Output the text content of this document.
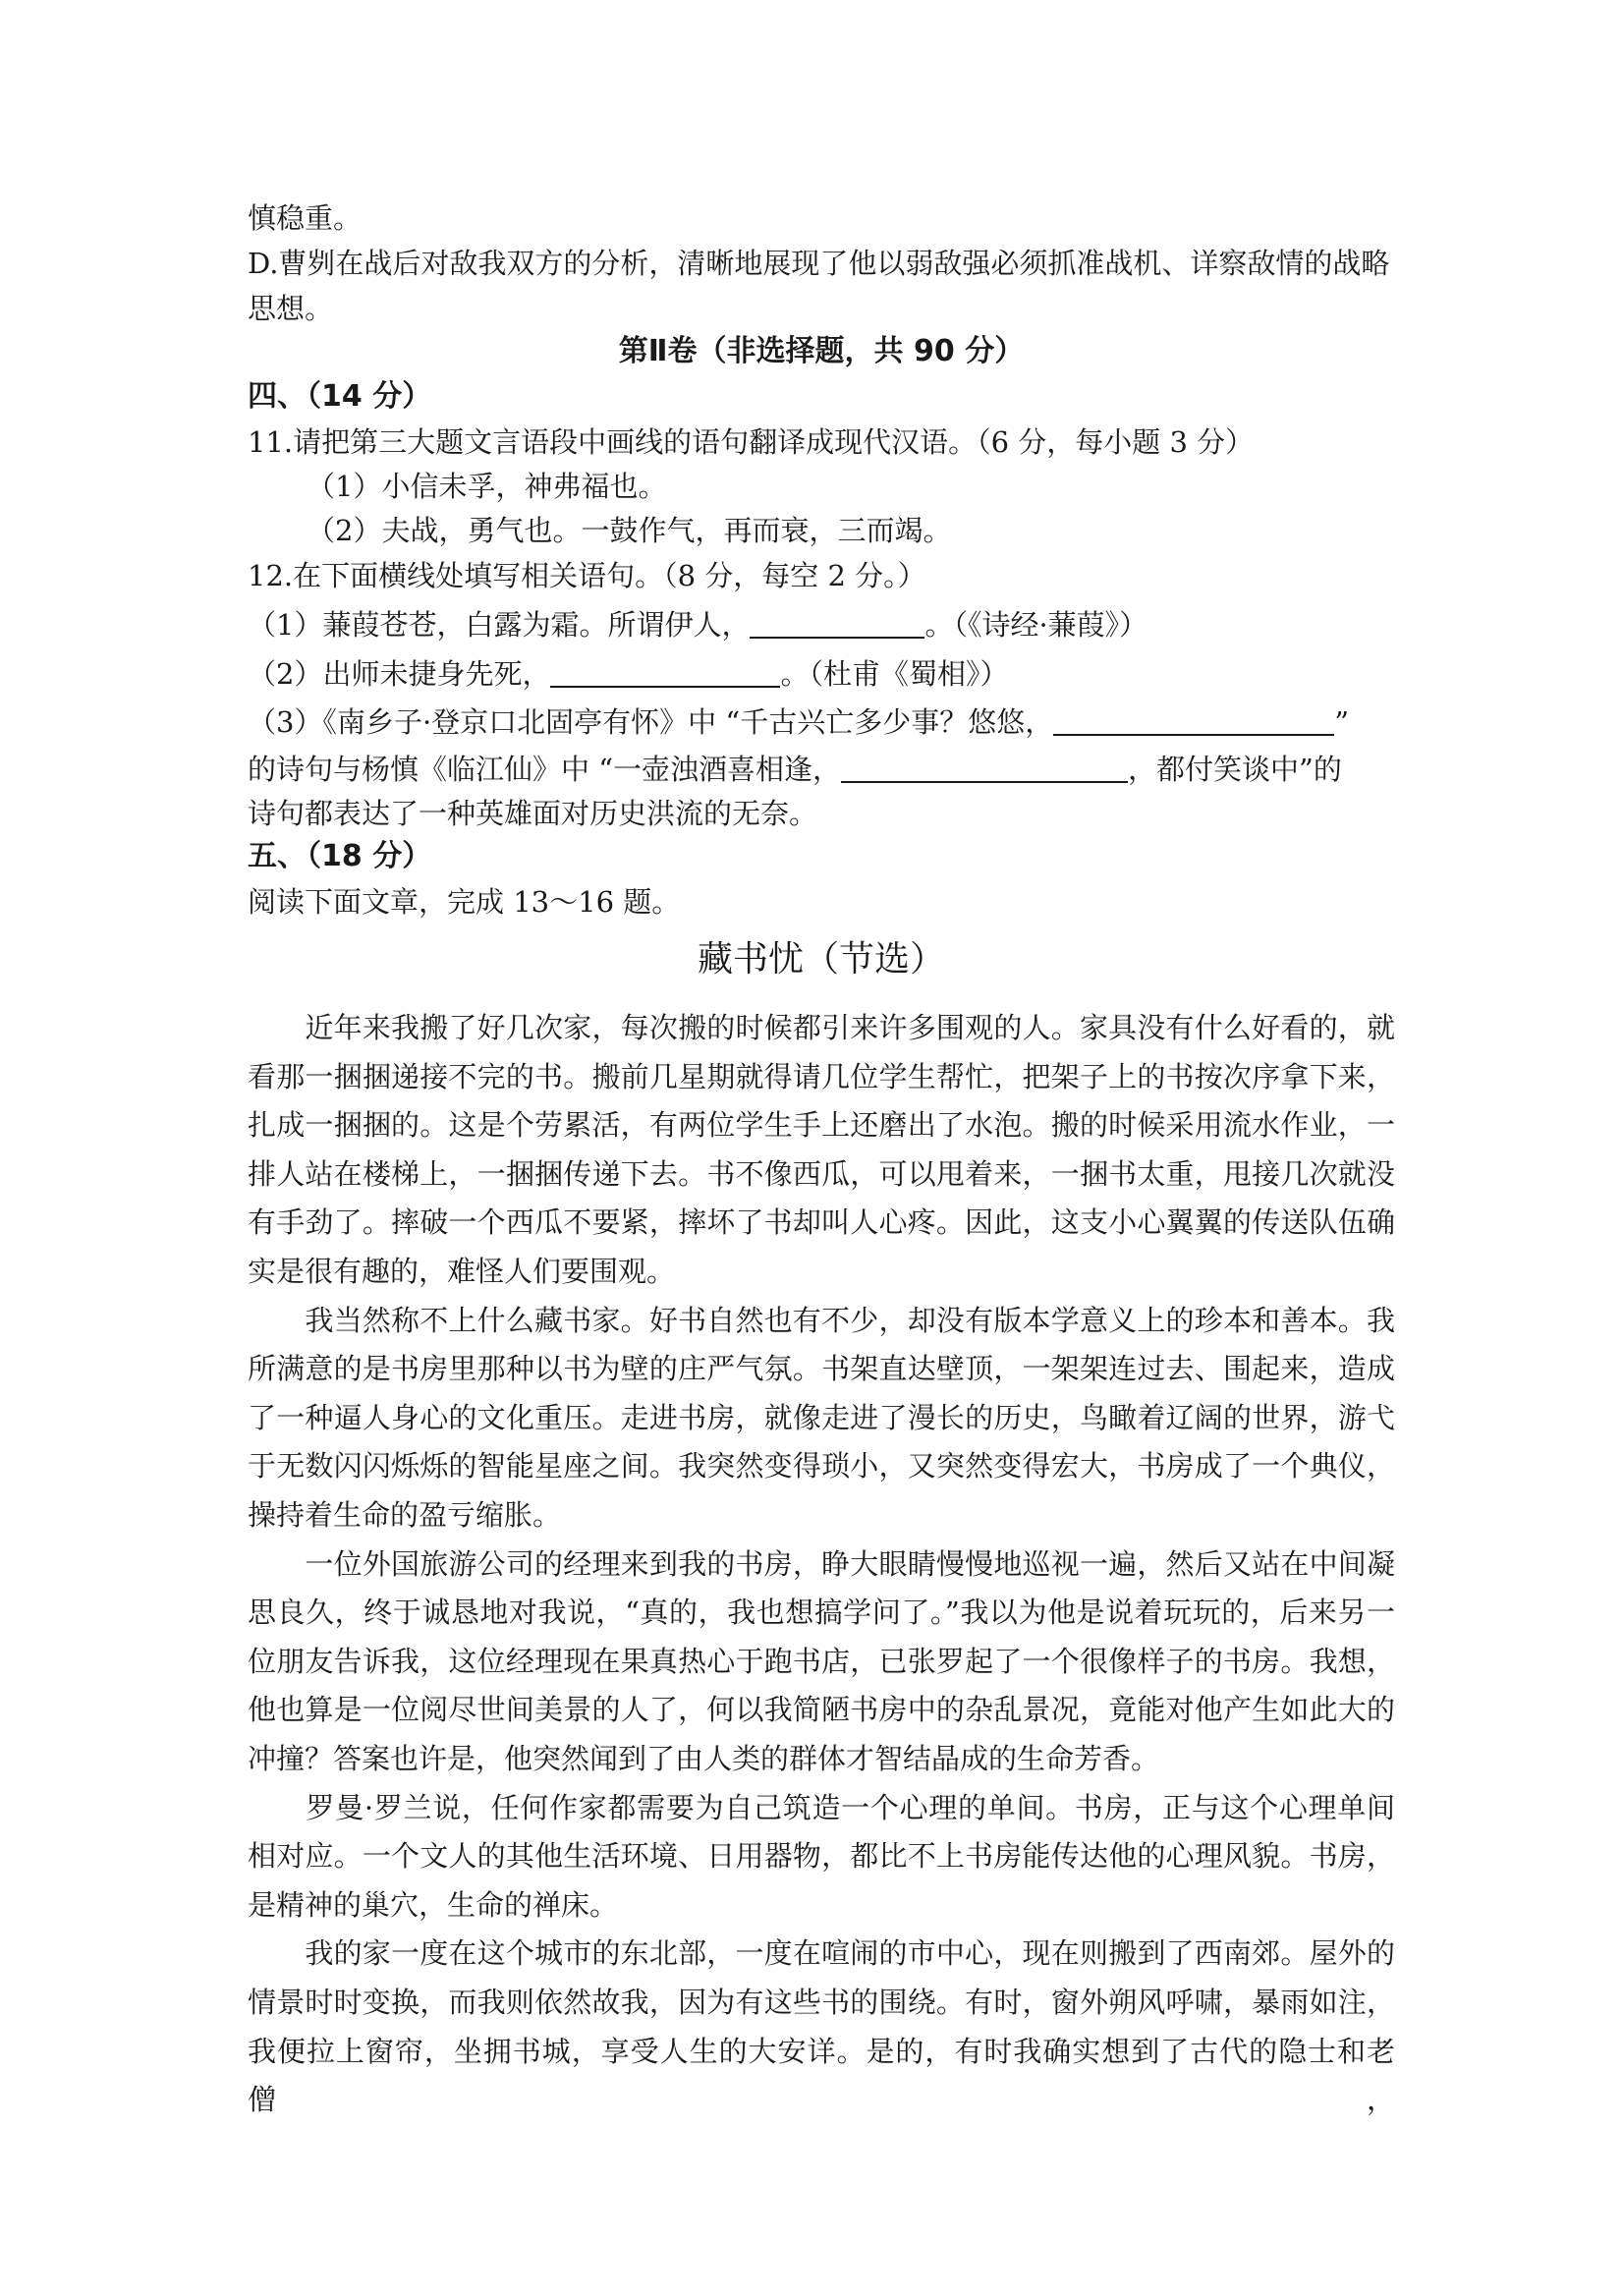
慎稳重。
D.曹刿在战后对敌我双方的分析，清晰地展现了他以弱敌强必须抓准战机、详察敌情的战略
思想。
第Ⅱ卷（非选择题，共 90 分）
四、（14 分）
11.请把第三大题文言语段中画线的语句翻译成现代汉语。（6 分，每小题 3 分）
（1）小信未孚，神弗福也。
（2）夫战，勇气也。一鼓作气，再而衰，三而竭。
12.在下面横线处填写相关语句。（8 分，每空 2 分。）
（1）蒹葭苍苍，白露为霜。所谓伊人，	。（《诗经·蒹葭》）
（2）出师未捷身先死，	。（杜甫《蜀相》）
（3）《南乡子·登京口北固亭有怀》中 “千古兴亡多少事？悠悠，	”
的诗句与杨慎《临江仙》中 “一壶浊酒喜相逢，	，都付笑谈中”的
诗句都表达了一种英雄面对历史洪流的无奈。
五、（18 分）
阅读下面文章，完成 13～16 题。
藏书忧（节选）
　　近年来我搬了好几次家，每次搬的时候都引来许多围观的人。家具没有什么好看的，就
看那一捆捆递接不完的书。搬前几星期就得请几位学生帮忙，把架子上的书按次序拿下来，
扎成一捆捆的。这是个劳累活，有两位学生手上还磨出了水泡。搬的时候采用流水作业，一
排人站在楼梯上，一捆捆传递下去。书不像西瓜，可以甩着来，一捆书太重，甩接几次就没
有手劲了。摔破一个西瓜不要紧，摔坏了书却叫人心疼。因此，这支小心翼翼的传送队伍确
实是很有趣的，难怪人们要围观。
　　我当然称不上什么藏书家。好书自然也有不少，却没有版本学意义上的珍本和善本。我
所满意的是书房里那种以书为壁的庄严气氛。书架直达壁顶，一架架连过去、围起来，造成
了一种逼人身心的文化重压。走进书房，就像走进了漫长的历史，鸟瞰着辽阔的世界，游弋
于无数闪闪烁烁的智能星座之间。我突然变得琐小，又突然变得宏大，书房成了一个典仪，
操持着生命的盈亏缩胀。
　　一位外国旅游公司的经理来到我的书房，睁大眼睛慢慢地巡视一遍，然后又站在中间凝
思良久，终于诚恳地对我说，“真的，我也想搞学问了。”我以为他是说着玩玩的，后来另一
位朋友告诉我，这位经理现在果真热心于跑书店，已张罗起了一个很像样子的书房。我想，
他也算是一位阅尽世间美景的人了，何以我简陋书房中的杂乱景况，竟能对他产生如此大的
冲撞？答案也许是，他突然闻到了由人类的群体才智结晶成的生命芳香。
　　罗曼·罗兰说，任何作家都需要为自己筑造一个心理的单间。书房，正与这个心理单间
相对应。一个文人的其他生活环境、日用器物，都比不上书房能传达他的心理风貌。书房，
是精神的巢穴，生命的禅床。
　　我的家一度在这个城市的东北部，一度在喧闹的市中心，现在则搬到了西南郊。屋外的
情景时时变换，而我则依然故我，因为有这些书的围绕。有时，窗外朔风呼啸，暴雨如注，
我便拉上窗帘，坐拥书城，享受人生的大安详。是的，有时我确实想到了古代的隐士和老僧，
